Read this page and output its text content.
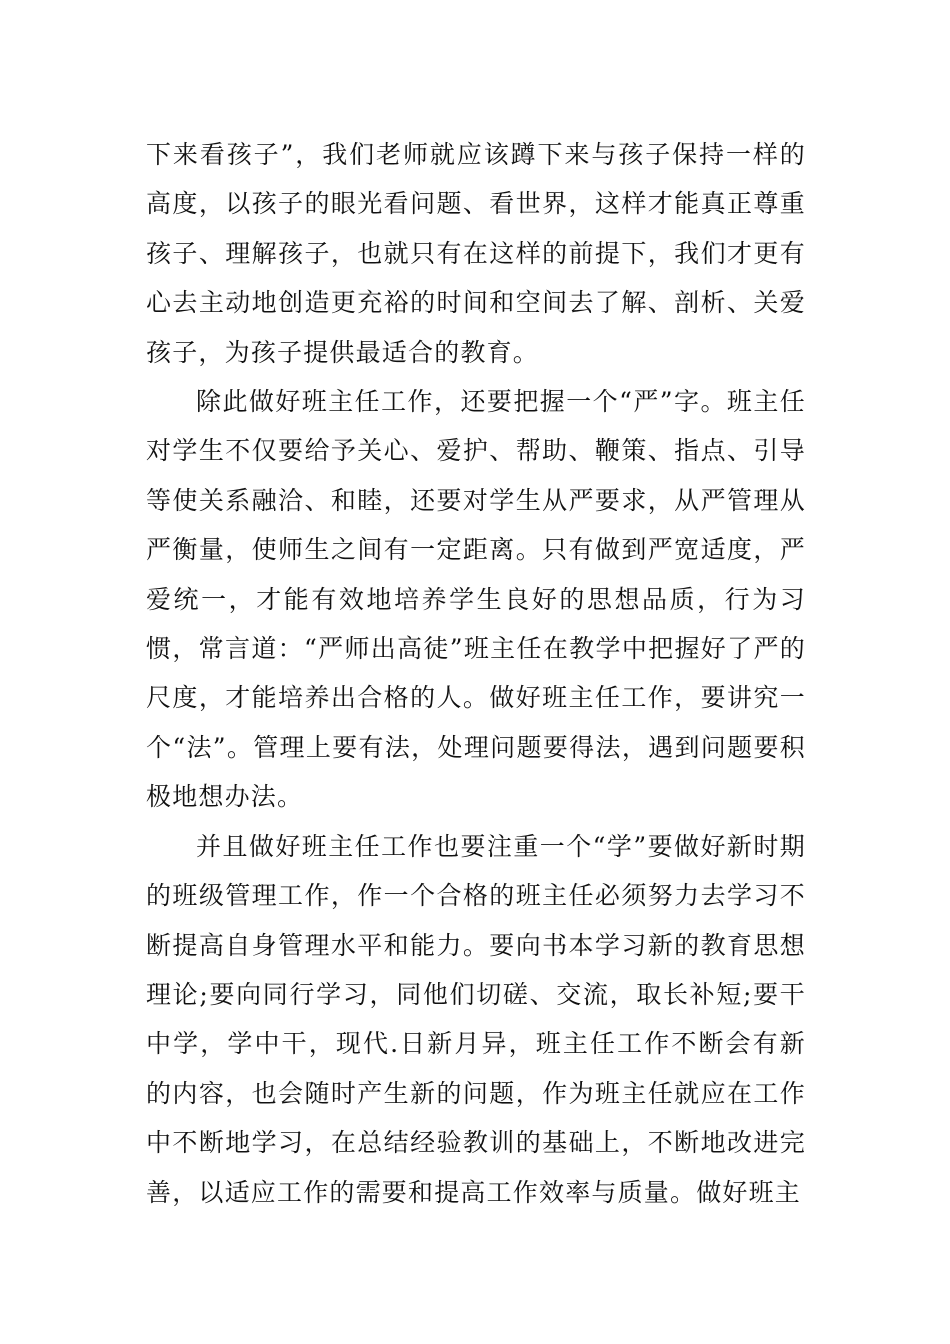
下来看孩子”，我们老师就应该蹲下来与孩子保持一样的高度，以孩子的眼光看问题、看世界，这样才能真正尊重孩子、理解孩子，也就只有在这样的前提下，我们才更有心去主动地创造更充裕的时间和空间去了解、剖析、关爱孩子，为孩子提供最适合的教育。

除此做好班主任工作，还要把握一个“严”字。班主任对学生不仅要给予关心、爱护、帮助、鞭策、指点、引导等使关系融洽、和睦，还要对学生从严要求，从严管理从严衡量，使师生之间有一定距离。只有做到严宽适度，严爱统一，才能有效地培养学生良好的思想品质，行为习惯，常言道：“严师出高徒”班主任在教学中把握好了严的尺度，才能培养出合格的人。做好班主任工作，要讲究一个“法”。管理上要有法，处理问题要得法，遇到问题要积极地想办法。

并且做好班主任工作也要注重一个“学”要做好新时期的班级管理工作，作一个合格的班主任必须努力去学习不断提高自身管理水平和能力。要向书本学习新的教育思想理论;要向同行学习，同他们切磋、交流，取长补短;要干中学，学中干，现代.日新月异，班主任工作不断会有新的内容，也会随时产生新的问题，作为班主任就应在工作中不断地学习，在总结经验教训的基础上，不断地改进完善，以适应工作的需要和提高工作效率与质量。做好班主
